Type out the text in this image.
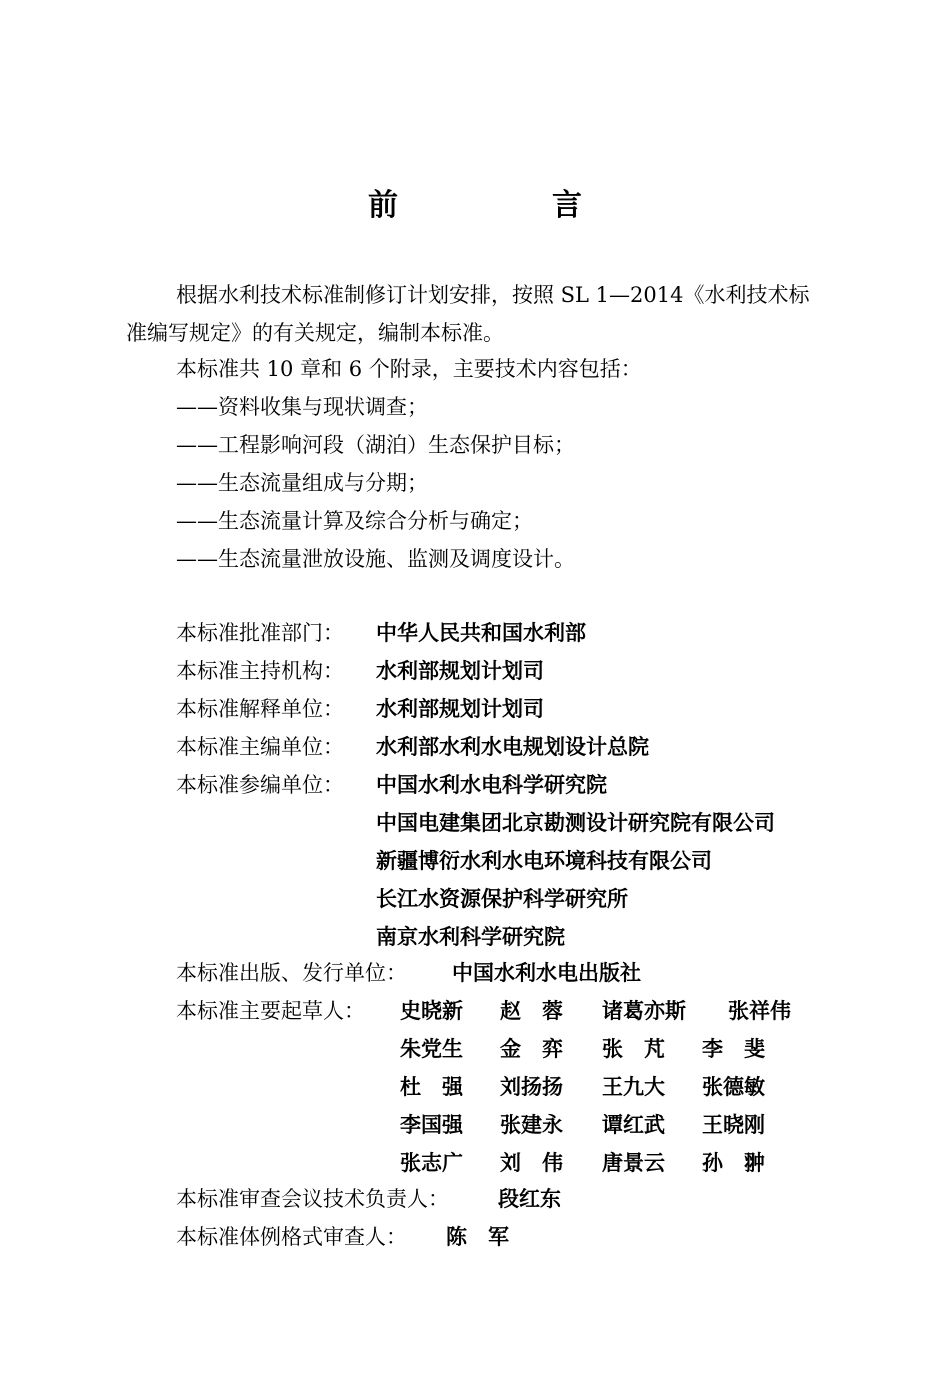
前　言
根据水利技术标准制修订计划安排，按照 SL 1—2014《水利技术标准编写规定》的有关规定，编制本标准。
本标准共 10 章和 6 个附录，主要技术内容包括：
——资料收集与现状调查；
——工程影响河段（湖泊）生态保护目标；
——生态流量组成与分期；
——生态流量计算及综合分析与确定；
——生态流量泄放设施、监测及调度设计。
本标准批准部门： 中华人民共和国水利部
本标准主持机构： 水利部规划计划司
本标准解释单位： 水利部规划计划司
本标准主编单位： 水利部水利水电规划设计总院
本标准参编单位： 中国水利水电科学研究院
中国电建集团北京勘测设计研究院有限公司
新疆博衍水利水电环境科技有限公司
长江水资源保护科学研究所
南京水利科学研究院
本标准出版、发行单位： 中国水利水电出版社
本标准主要起草人： 史晓新 赵　蓉 诸葛亦斯 张祥伟
朱党生 金　弈 张　芃 李　斐
杜　强 刘扬扬 王九大 张德敏
李国强 张建永 谭红武 王晓刚
张志广 刘　伟 唐景云 孙　翀
本标准审查会议技术负责人： 段红东
本标准体例格式审查人： 陈　军
